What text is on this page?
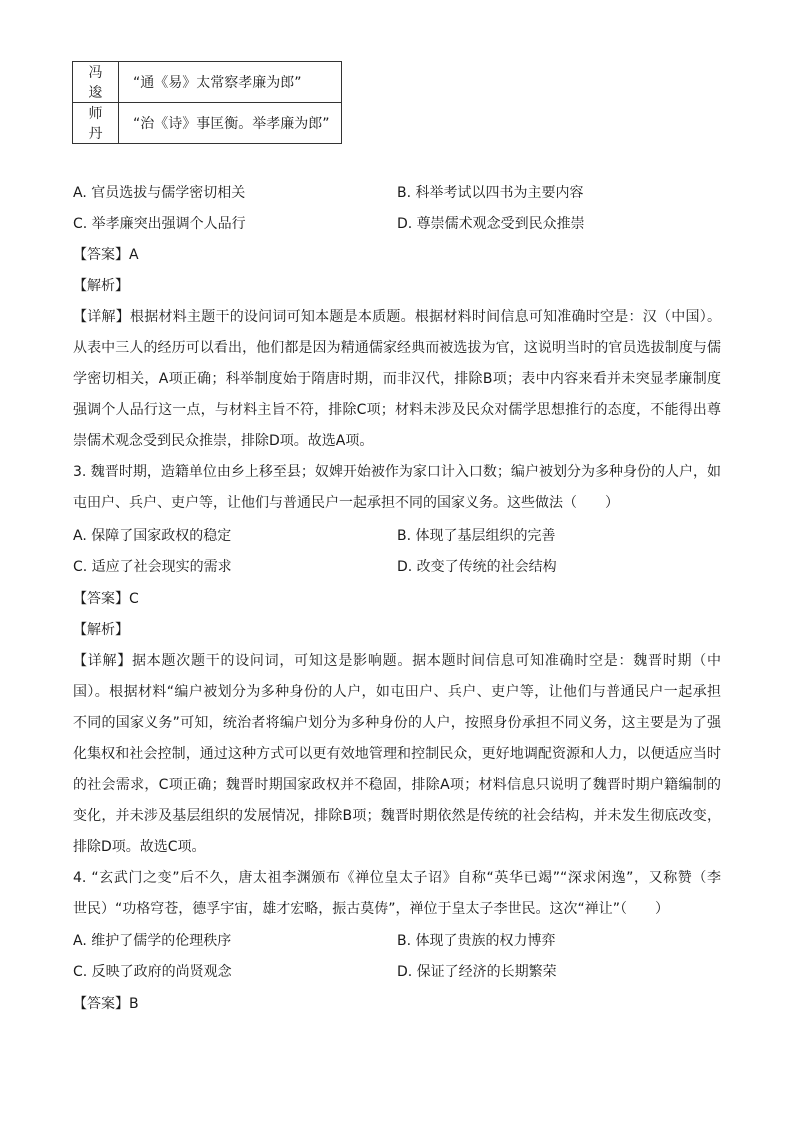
冯逡	“通《易》太常察孝廉为郎”
师丹	“治《诗》事匡衡。举孝廉为郎”
A. 官员选拔与儒学密切相关	B. 科举考试以四书为主要内容
C. 举孝廉突出强调个人品行	D. 尊崇儒术观念受到民众推崇
【答案】A
【解析】
【详解】根据材料主题干的设问词可知本题是本质题。根据材料时间信息可知准确时空是：汉（中国）。
从表中三人的经历可以看出，他们都是因为精通儒家经典而被选拔为官，这说明当时的官员选拔制度与儒
学密切相关，A项正确；科举制度始于隋唐时期，而非汉代，排除B项；表中内容来看并未突显孝廉制度
强调个人品行这一点，与材料主旨不符，排除C项；材料未涉及民众对儒学思想推行的态度，不能得出尊
崇儒术观念受到民众推崇，排除D项。故选A项。
3. 魏晋时期，造籍单位由乡上移至县；奴婢开始被作为家口计入口数；编户被划分为多种身份的人户，如
屯田户、兵户、吏户等，让他们与普通民户一起承担不同的国家义务。这些做法（　　）
A. 保障了国家政权的稳定	B. 体现了基层组织的完善
C. 适应了社会现实的需求	D. 改变了传统的社会结构
【答案】C
【解析】
【详解】据本题次题干的设问词，可知这是影响题。据本题时间信息可知准确时空是：魏晋时期（中
国）。根据材料“编户被划分为多种身份的人户，如屯田户、兵户、吏户等，让他们与普通民户一起承担
不同的国家义务”可知，统治者将编户划分为多种身份的人户，按照身份承担不同义务，这主要是为了强
化集权和社会控制，通过这种方式可以更有效地管理和控制民众，更好地调配资源和人力，以便适应当时
的社会需求，C项正确；魏晋时期国家政权并不稳固，排除A项；材料信息只说明了魏晋时期户籍编制的
变化，并未涉及基层组织的发展情况，排除B项；魏晋时期依然是传统的社会结构，并未发生彻底改变，
排除D项。故选C项。
4. “玄武门之变”后不久，唐太祖李渊颁布《禅位皇太子诏》自称“英华已竭”“深求闲逸”，又称赞（李
世民）“功格穹苍，德孚宇宙，雄才宏略，振古莫俦”，禅位于皇太子李世民。这次“禅让”（　　）
A. 维护了儒学的伦理秩序	B. 体现了贵族的权力博弈
C. 反映了政府的尚贤观念	D. 保证了经济的长期繁荣
【答案】B
